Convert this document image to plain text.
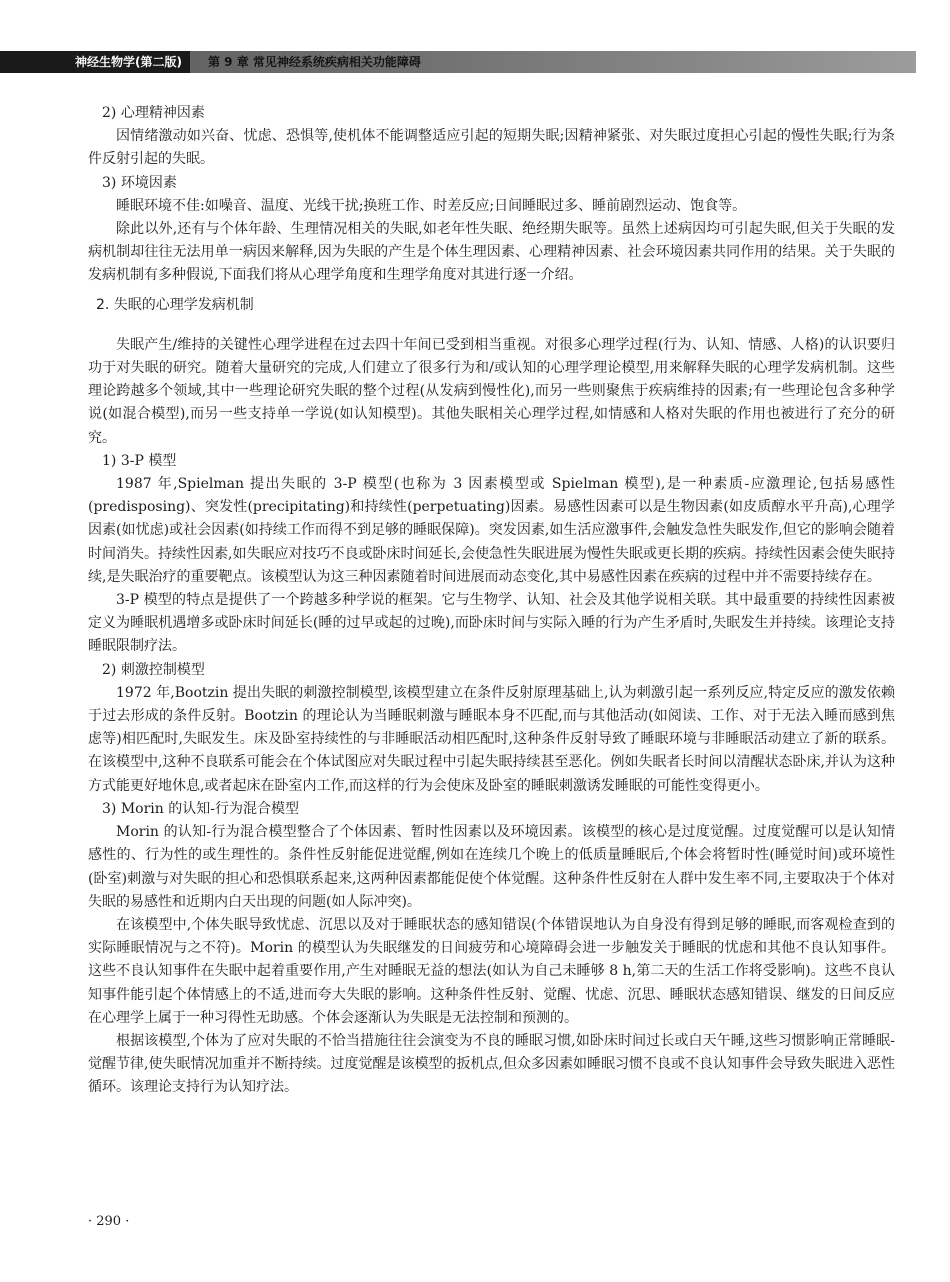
神经生物学(第二版)	第 9 章 常见神经系统疾病相关功能障碍

2) 心理精神因素

因情绪激动如兴奋、忧虑、恐惧等,使机体不能调整适应引起的短期失眠;因精神紧张、对失眠过度担心引起的慢性失眠;行为条件反射引起的失眠。

3) 环境因素

睡眠环境不佳:如噪音、温度、光线干扰;换班工作、时差反应;日间睡眠过多、睡前剧烈运动、饱食等。

除此以外,还有与个体年龄、生理情况相关的失眠,如老年性失眠、绝经期失眠等。虽然上述病因均可引起失眠,但关于失眠的发病机制却往往无法用单一病因来解释,因为失眠的产生是个体生理因素、心理精神因素、社会环境因素共同作用的结果。关于失眠的发病机制有多种假说,下面我们将从心理学角度和生理学角度对其进行逐一介绍。

2. 失眠的心理学发病机制

失眠产生/维持的关键性心理学进程在过去四十年间已受到相当重视。对很多心理学过程(行为、认知、情感、人格)的认识要归功于对失眠的研究。随着大量研究的完成,人们建立了很多行为和/或认知的心理学理论模型,用来解释失眠的心理学发病机制。这些理论跨越多个领域,其中一些理论研究失眠的整个过程(从发病到慢性化),而另一些则聚焦于疾病维持的因素;有一些理论包含多种学说(如混合模型),而另一些支持单一学说(如认知模型)。其他失眠相关心理学过程,如情感和人格对失眠的作用也被进行了充分的研究。

1) 3-P 模型

1987 年,Spielman 提出失眠的 3-P 模型(也称为 3 因素模型或 Spielman 模型),是一种素质-应激理论,包括易感性(predisposing)、突发性(precipitating)和持续性(perpetuating)因素。易感性因素可以是生物因素(如皮质醇水平升高),心理学因素(如忧虑)或社会因素(如持续工作而得不到足够的睡眠保障)。突发因素,如生活应激事件,会触发急性失眠发作,但它的影响会随着时间消失。持续性因素,如失眠应对技巧不良或卧床时间延长,会使急性失眠进展为慢性失眠或更长期的疾病。持续性因素会使失眠持续,是失眠治疗的重要靶点。该模型认为这三种因素随着时间进展而动态变化,其中易感性因素在疾病的过程中并不需要持续存在。

3-P 模型的特点是提供了一个跨越多种学说的框架。它与生物学、认知、社会及其他学说相关联。其中最重要的持续性因素被定义为睡眠机遇增多或卧床时间延长(睡的过早或起的过晚),而卧床时间与实际入睡的行为产生矛盾时,失眠发生并持续。该理论支持睡眠限制疗法。

2) 刺激控制模型

1972 年,Bootzin 提出失眠的刺激控制模型,该模型建立在条件反射原理基础上,认为刺激引起一系列反应,特定反应的激发依赖于过去形成的条件反射。Bootzin 的理论认为当睡眠刺激与睡眠本身不匹配,而与其他活动(如阅读、工作、对于无法入睡而感到焦虑等)相匹配时,失眠发生。床及卧室持续性的与非睡眠活动相匹配时,这种条件反射导致了睡眠环境与非睡眠活动建立了新的联系。在该模型中,这种不良联系可能会在个体试图应对失眠过程中引起失眠持续甚至恶化。例如失眠者长时间以清醒状态卧床,并认为这种方式能更好地休息,或者起床在卧室内工作,而这样的行为会使床及卧室的睡眠刺激诱发睡眠的可能性变得更小。

3) Morin 的认知-行为混合模型

Morin 的认知-行为混合模型整合了个体因素、暂时性因素以及环境因素。该模型的核心是过度觉醒。过度觉醒可以是认知情感性的、行为性的或生理性的。条件性反射能促进觉醒,例如在连续几个晚上的低质量睡眠后,个体会将暂时性(睡觉时间)或环境性(卧室)刺激与对失眠的担心和恐惧联系起来,这两种因素都能促使个体觉醒。这种条件性反射在人群中发生率不同,主要取决于个体对失眠的易感性和近期内白天出现的问题(如人际冲突)。

在该模型中,个体失眠导致忧虑、沉思以及对于睡眠状态的感知错误(个体错误地认为自身没有得到足够的睡眠,而客观检查到的实际睡眠情况与之不符)。Morin 的模型认为失眠继发的日间疲劳和心境障碍会进一步触发关于睡眠的忧虑和其他不良认知事件。这些不良认知事件在失眠中起着重要作用,产生对睡眠无益的想法(如认为自己未睡够 8 h,第二天的生活工作将受影响)。这些不良认知事件能引起个体情感上的不适,进而夸大失眠的影响。这种条件性反射、觉醒、忧虑、沉思、睡眠状态感知错误、继发的日间反应在心理学上属于一种习得性无助感。个体会逐渐认为失眠是无法控制和预测的。

根据该模型,个体为了应对失眠的不恰当措施往往会演变为不良的睡眠习惯,如卧床时间过长或白天午睡,这些习惯影响正常睡眠-觉醒节律,使失眠情况加重并不断持续。过度觉醒是该模型的扳机点,但众多因素如睡眠习惯不良或不良认知事件会导致失眠进入恶性循环。该理论支持行为认知疗法。

· 290 ·
